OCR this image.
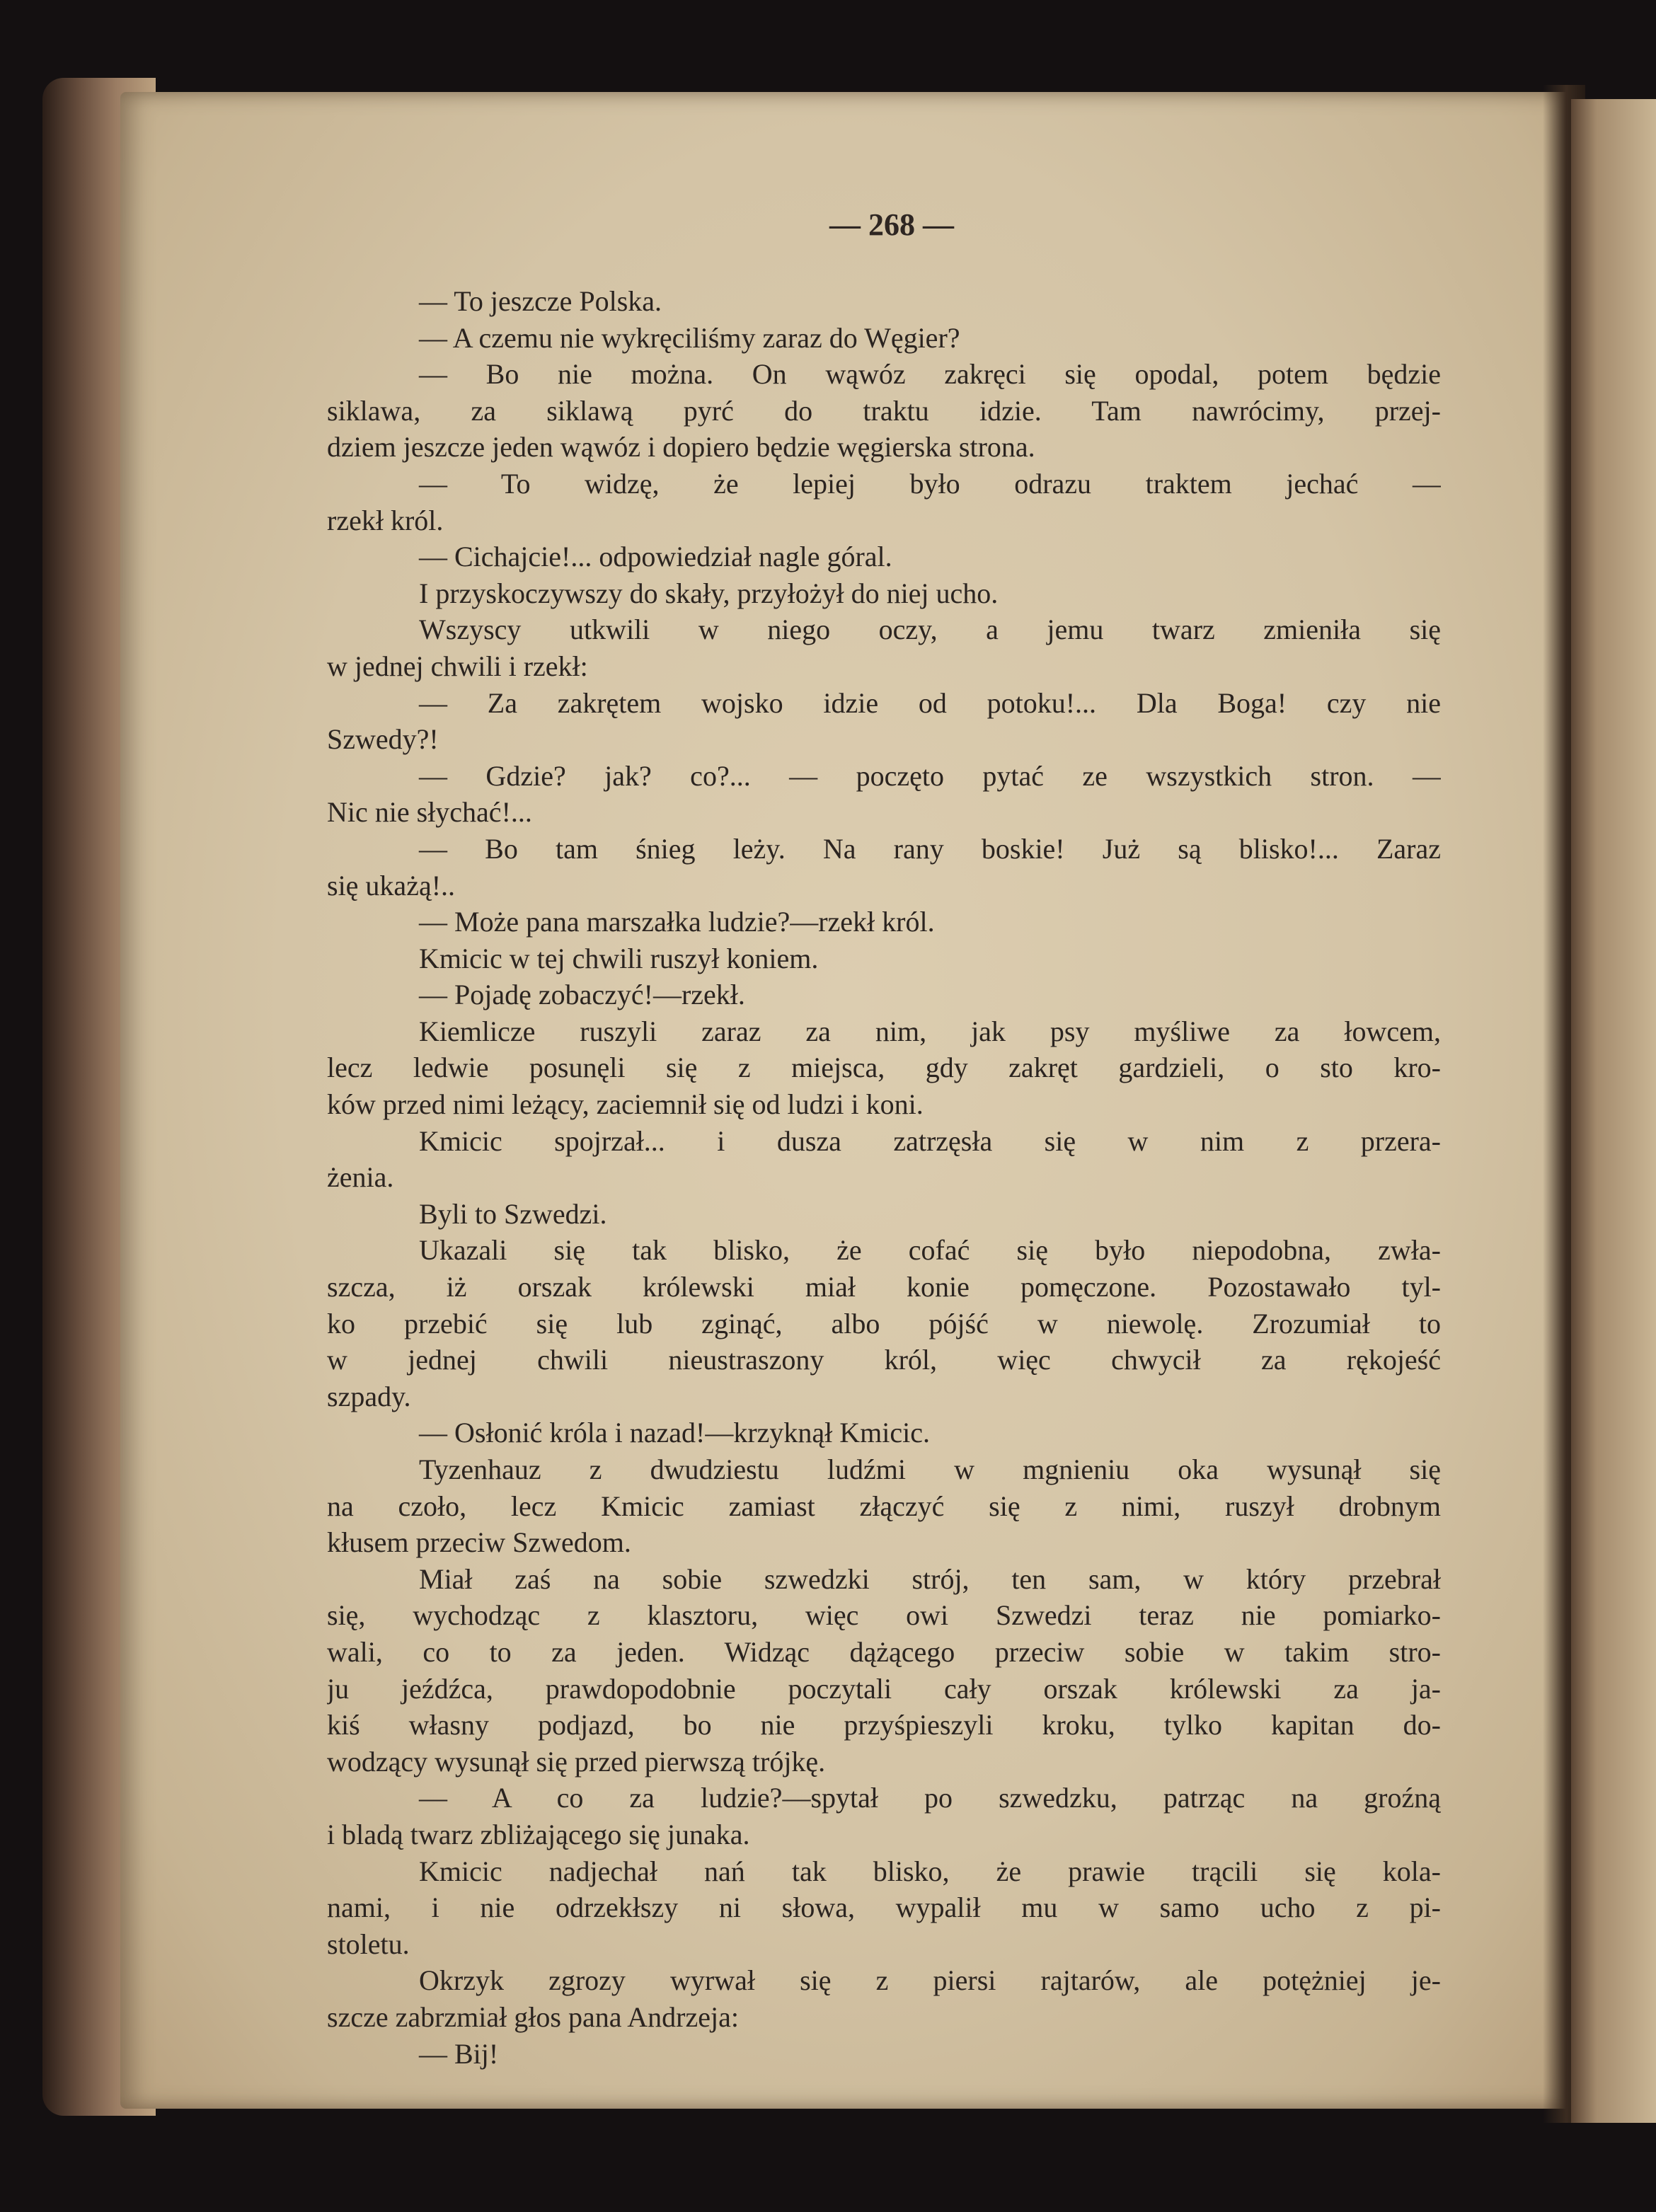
— 268 —
— To jeszcze Polska.
— A czemu nie wykręciliśmy zaraz do Węgier?
— Bo nie można. On wąwóz zakręci się opodal, potem będzie
siklawa, za siklawą pyrć do traktu idzie. Tam nawrócimy, przej-
dziem jeszcze jeden wąwóz i dopiero będzie węgierska strona.
— To widzę, że lepiej było odrazu traktem jechać —
rzekł król.
— Cichajcie!... odpowiedział nagle góral.
I przyskoczywszy do skały, przyłożył do niej ucho.
Wszyscy utkwili w niego oczy, a jemu twarz zmieniła się
w jednej chwili i rzekł:
— Za zakrętem wojsko idzie od potoku!... Dla Boga! czy nie
Szwedy?!
— Gdzie? jak? co?... — poczęto pytać ze wszystkich stron. —
Nic nie słychać!...
— Bo tam śnieg leży. Na rany boskie! Już są blisko!... Zaraz
się ukażą!..
— Może pana marszałka ludzie?—rzekł król.
Kmicic w tej chwili ruszył koniem.
— Pojadę zobaczyć!—rzekł.
Kiemlicze ruszyli zaraz za nim, jak psy myśliwe za łowcem,
lecz ledwie posunęli się z miejsca, gdy zakręt gardzieli, o sto kro-
ków przed nimi leżący, zaciemnił się od ludzi i koni.
Kmicic spojrzał... i dusza zatrzęsła się w nim z przera-
żenia.
Byli to Szwedzi.
Ukazali się tak blisko, że cofać się było niepodobna, zwła-
szcza, iż orszak królewski miał konie pomęczone. Pozostawało tyl-
ko przebić się lub zginąć, albo pójść w niewolę. Zrozumiał to
w jednej chwili nieustraszony król, więc chwycił za rękojeść
szpady.
— Osłonić króla i nazad!—krzyknął Kmicic.
Tyzenhauz z dwudziestu ludźmi w mgnieniu oka wysunął się
na czoło, lecz Kmicic zamiast złączyć się z nimi, ruszył drobnym
kłusem przeciw Szwedom.
Miał zaś na sobie szwedzki strój, ten sam, w który przebrał
się, wychodząc z klasztoru, więc owi Szwedzi teraz nie pomiarko-
wali, co to za jeden. Widząc dążącego przeciw sobie w takim stro-
ju jeźdźca, prawdopodobnie poczytali cały orszak królewski za ja-
kiś własny podjazd, bo nie przyśpieszyli kroku, tylko kapitan do-
wodzący wysunął się przed pierwszą trójkę.
— A co za ludzie?—spytał po szwedzku, patrząc na groźną
i bladą twarz zbliżającego się junaka.
Kmicic nadjechał nań tak blisko, że prawie trącili się kola-
nami, i nie odrzekłszy ni słowa, wypalił mu w samo ucho z pi-
stoletu.
Okrzyk zgrozy wyrwał się z piersi rajtarów, ale potężniej je-
szcze zabrzmiał głos pana Andrzeja:
— Bij!
